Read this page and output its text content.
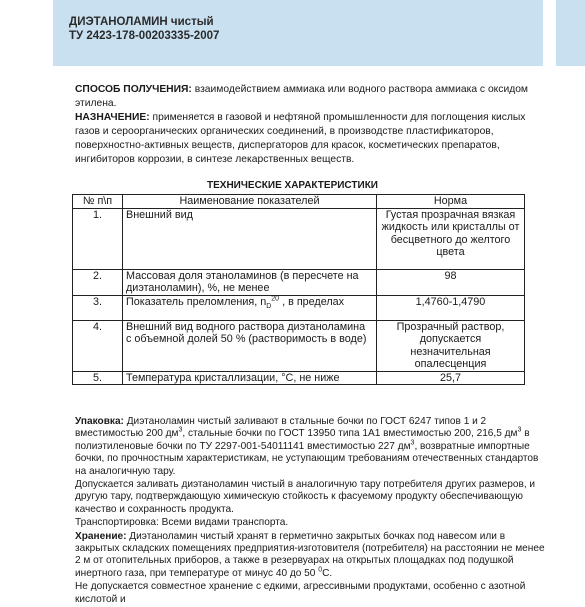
ДИЭТАНОЛАМИН чистый
ТУ 2423-178-00203335-2007

СПОСОБ ПОЛУЧЕНИЯ: взаимодействием аммиака или водного раствора аммиака с оксидом этилена.

НАЗНАЧЕНИЕ: применяется в газовой и нефтяной промышленности для поглощения кислых газов и сероорганических органических соединений, в производстве пластификаторов, поверхностно-активных веществ, диспергаторов для красок, косметических препаратов, ингибиторов коррозии, в синтезе лекарственных веществ.

ТЕХНИЧЕСКИЕ ХАРАКТЕРИСТИКИ
№ п\п	Наименование показателей	Норма
1.	Внешний вид	Густая прозрачная вязкая жидкость или кристаллы от бесцветного до желтого цвета
2.	Массовая доля этаноламинов (в пересчете на диэтаноламин), %, не менее	98
3.	Показатель преломления, $n_D^{20}$ , в пределах	1,4760-1,4790
4.	Внешний вид водного раствора диэтаноламина с объемной долей 50 % (растворимость в воде)	Прозрачный раствор, допускается незначительная опалесценция
5.	Температура кристаллизации, °С, не ниже	25,7

Упаковка: Диэтаноламин чистый заливают в стальные бочки по ГОСТ 6247 типов 1 и 2 вместимостью 200 $дм^3$, стальные бочки по ГОСТ 13950 типа 1А1 вместимостью 200, 216,5 $дм^3$ в полиэтиленовые бочки по ТУ 2297-001-54011141 вместимостью 227 $дм^3$, возвратные импортные бочки, по прочностным характеристикам, не уступающим требованиям отечественных стандартов на аналогичную тару.

Допускается заливать диэтаноламин чистый в аналогичную тару потребителя других размеров, и другую тару, подтверждающую химическую стойкость к фасуемому продукту обеспечивающую качество и сохранность продукта.

Транспортировка: Всеми видами транспорта.

Хранение: Диэтаноламин чистый хранят в герметично закрытых бочках под навесом или в закрытых складских помещениях предприятия-изготовителя (потребителя) на расстоянии не менее 2 м от отопительных приборов, а также в резервуарах на открытых площадках под подушкой инертного газа, при температуре от минус 40 до 50 $^0$С.

Не допускается совместное хранение с едкими, агрессивными продуктами, особенно с азотной кислотой и
